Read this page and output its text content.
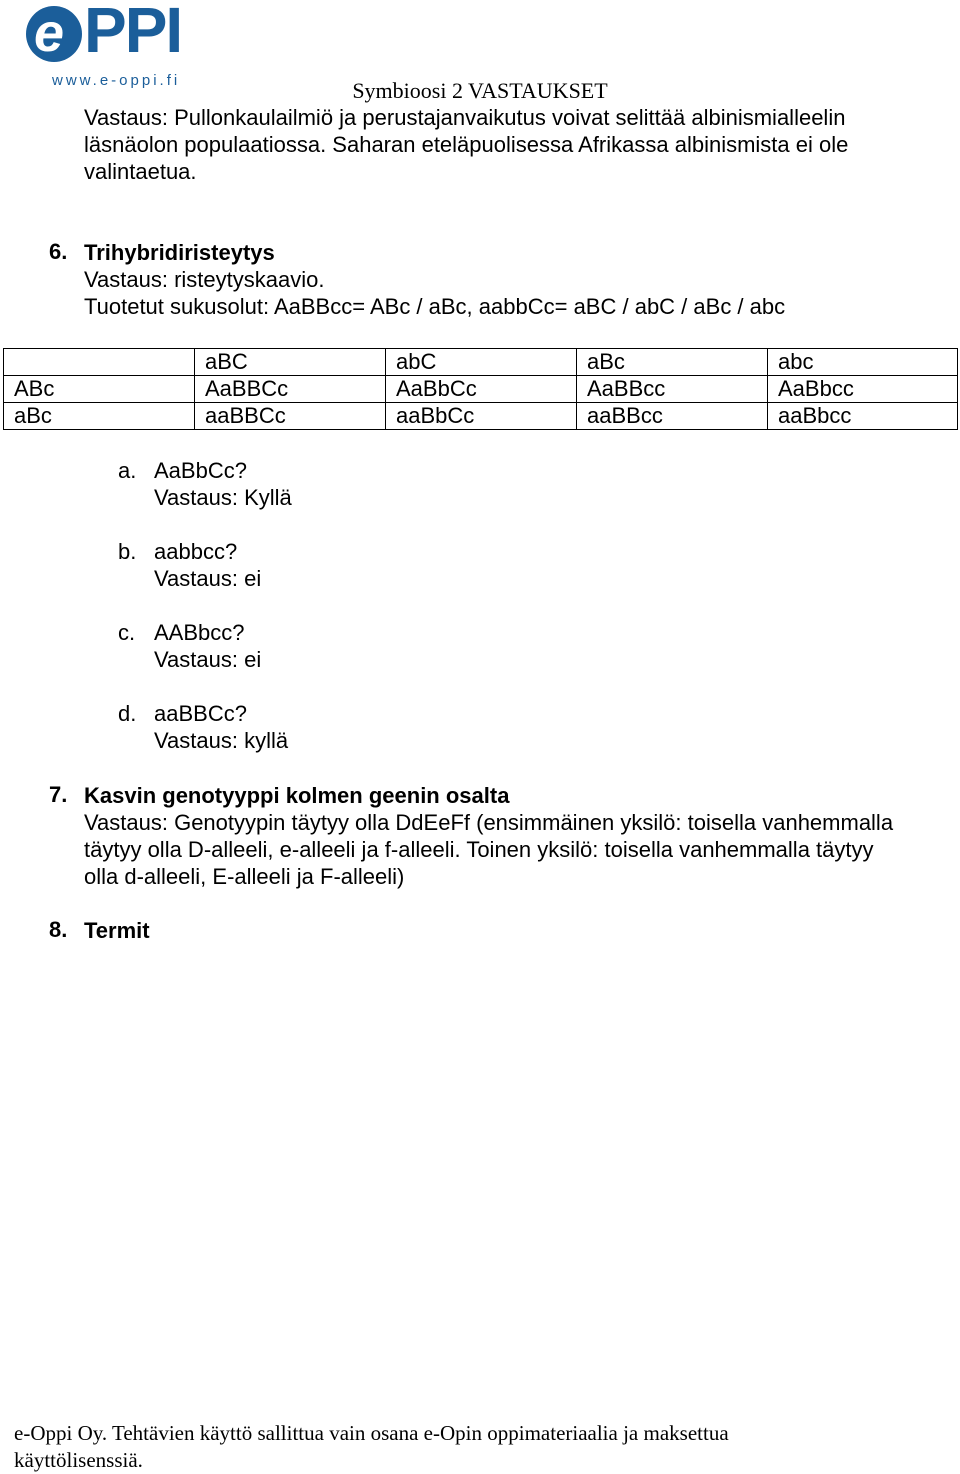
e PPI
www.e-oppi.fi	Symbioosi 2 VASTAUKSET
Vastaus: Pullonkaulailmiö ja perustajanvaikutus voivat selittää albinismialleelin
läsnäolon populaatiossa. Saharan eteläpuolisessa Afrikassa albinismista ei ole
valintaetua.
6. Trihybridiristeytys
Vastaus: risteytyskaavio.
Tuotetut sukusolut: AaBBcc= ABc / aBc, aabbCc= aBC / abC / aBc / abc
	aBC	abC	aBc	abc
ABc	AaBBCc	AaBbCc	AaBBcc	AaBbcc
aBc	aaBBCc	aaBbCc	aaBBcc	aaBbcc
a. AaBbCc?
Vastaus: Kyllä
b. aabbcc?
Vastaus: ei
c. AABbcc?
Vastaus: ei
d. aaBBCc?
Vastaus: kyllä
7. Kasvin genotyyppi kolmen geenin osalta
Vastaus: Genotyypin täytyy olla DdEeFf (ensimmäinen yksilö: toisella vanhemmalla
täytyy olla D-alleeli, e-alleeli ja f-alleeli. Toinen yksilö: toisella vanhemmalla täytyy
olla d-alleeli, E-alleeli ja F-alleeli)
8. Termit
e-Oppi Oy. Tehtävien käyttö sallittua vain osana e-Opin oppimateriaalia ja maksettua
käyttölisenssiä.
